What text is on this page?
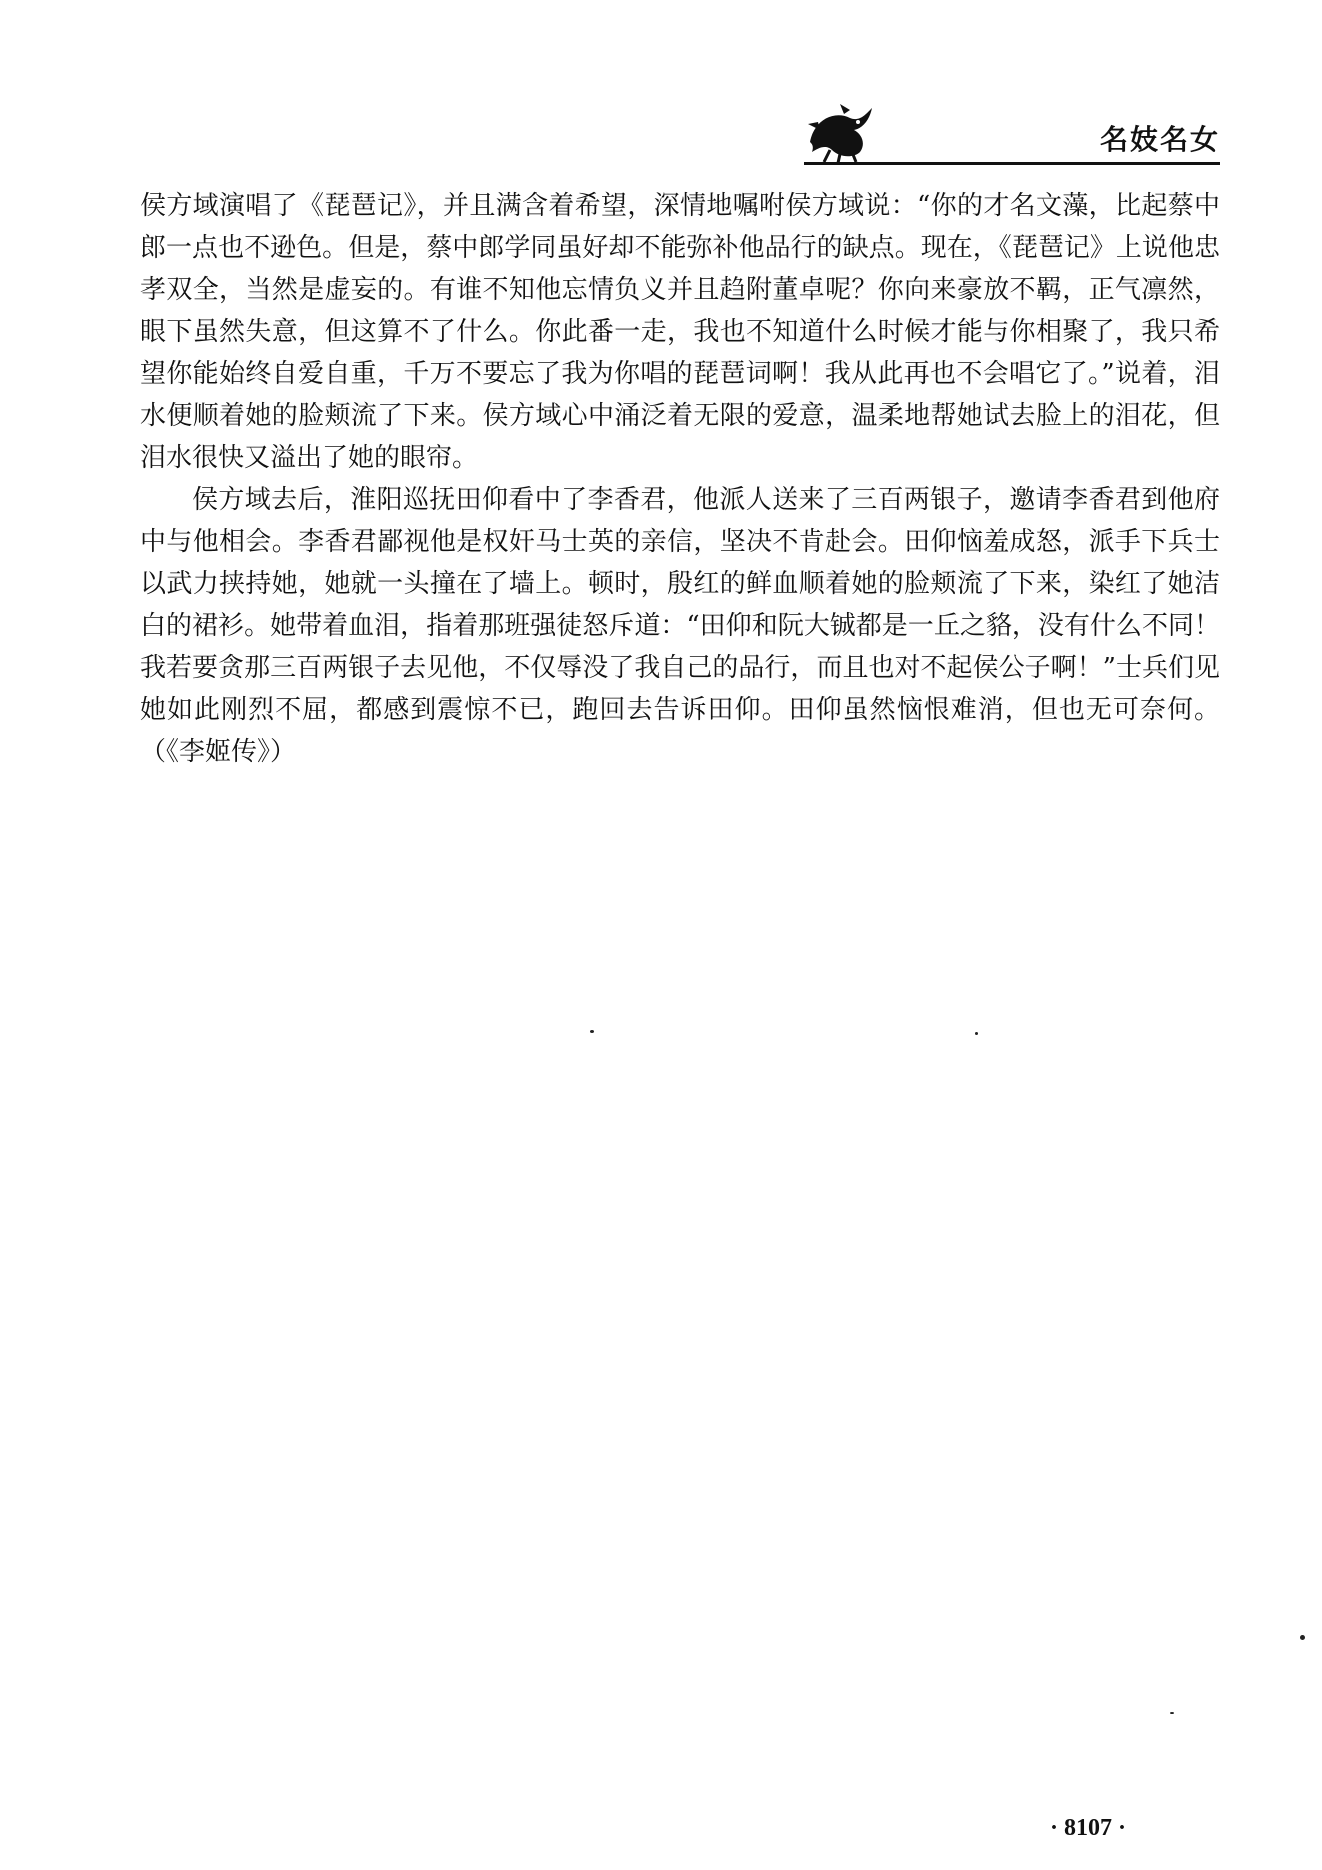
名妓名女

侯方域演唱了《琵琶记》，并且满含着希望，深情地嘱咐侯方域说：“你的才名文藻，比起蔡中郎一点也不逊色。但是，蔡中郎学同虽好却不能弥补他品行的缺点。现在，《琵琶记》上说他忠孝双全，当然是虚妄的。有谁不知他忘情负义并且趋附董卓呢？你向来豪放不羁，正气凛然，眼下虽然失意，但这算不了什么。你此番一走，我也不知道什么时候才能与你相聚了，我只希望你能始终自爱自重，千万不要忘了我为你唱的琵琶词啊！我从此再也不会唱它了。”说着，泪水便顺着她的脸颊流了下来。侯方域心中涌泛着无限的爱意，温柔地帮她试去脸上的泪花，但泪水很快又溢出了她的眼帘。

侯方域去后，淮阳巡抚田仰看中了李香君，他派人送来了三百两银子，邀请李香君到他府中与他相会。李香君鄙视他是权奸马士英的亲信，坚决不肯赴会。田仰恼羞成怒，派手下兵士以武力挟持她，她就一头撞在了墙上。顿时，殷红的鲜血顺着她的脸颊流了下来，染红了她洁白的裙衫。她带着血泪，指着那班强徒怒斥道：“田仰和阮大铖都是一丘之貉，没有什么不同！我若要贪那三百两银子去见他，不仅辱没了我自己的品行，而且也对不起侯公子啊！”士兵们见她如此刚烈不屈，都感到震惊不已，跑回去告诉田仰。田仰虽然恼恨难消，但也无可奈何。（《李姬传》）

· 8107 ·
